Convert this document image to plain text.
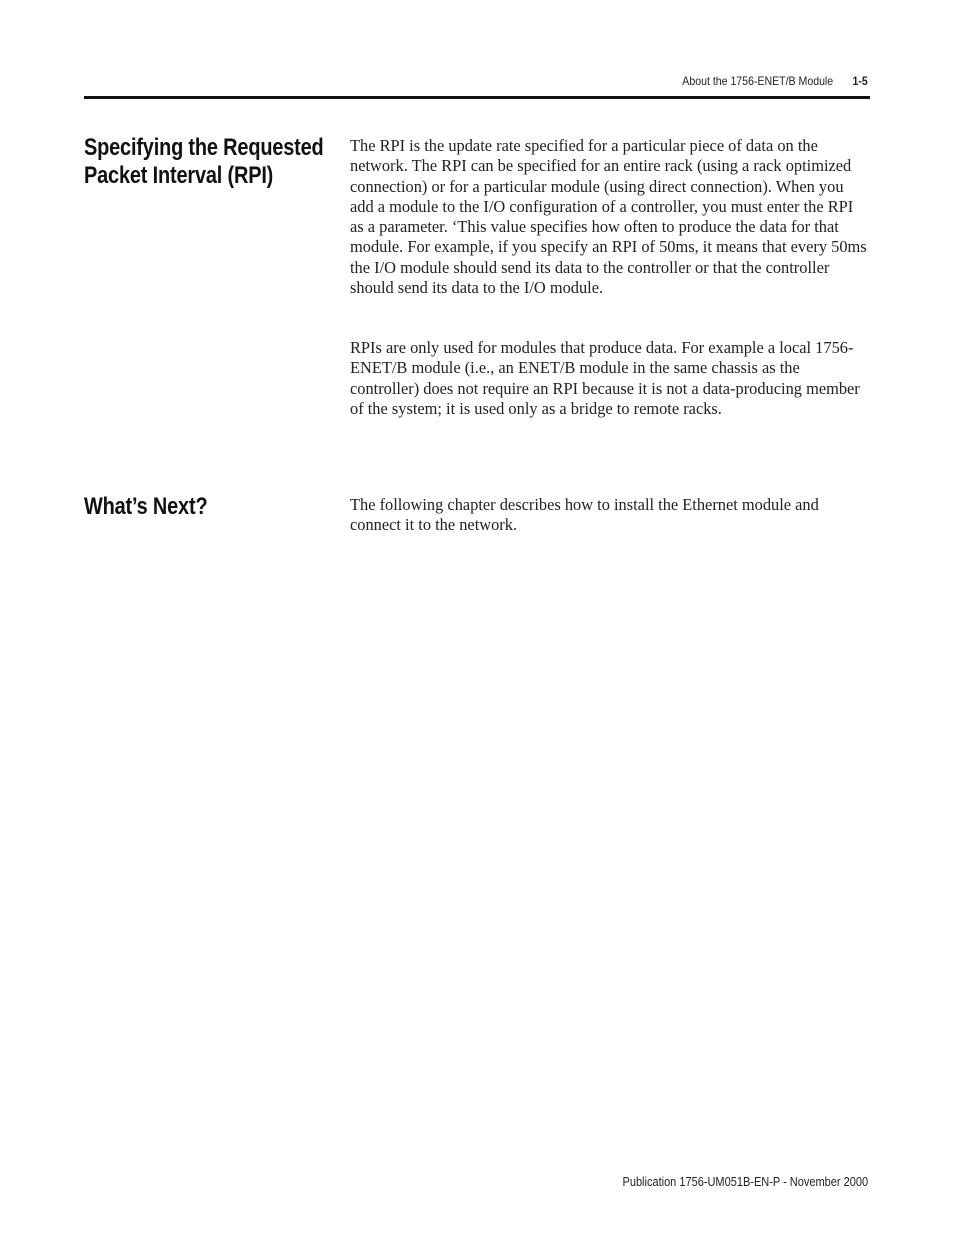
About the 1756-ENET/B Module 1-5
Specifying the Requested Packet Interval (RPI)

The RPI is the update rate specified for a particular piece of data on the network. The RPI can be specified for an entire rack (using a rack optimized connection) or for a particular module (using direct connection). When you add a module to the I/O configuration of a controller, you must enter the RPI as a parameter. ‘This value specifies how often to produce the data for that module. For example, if you specify an RPI of 50ms, it means that every 50ms the I/O module should send its data to the controller or that the controller should send its data to the I/O module.

RPIs are only used for modules that produce data. For example a local 1756-ENET/B module (i.e., an ENET/B module in the same chassis as the controller) does not require an RPI because it is not a data-producing member of the system; it is used only as a bridge to remote racks.

What’s Next?	The following chapter describes how to install the Ethernet module and connect it to the network.

Publication 1756-UM051B-EN-P - November 2000
